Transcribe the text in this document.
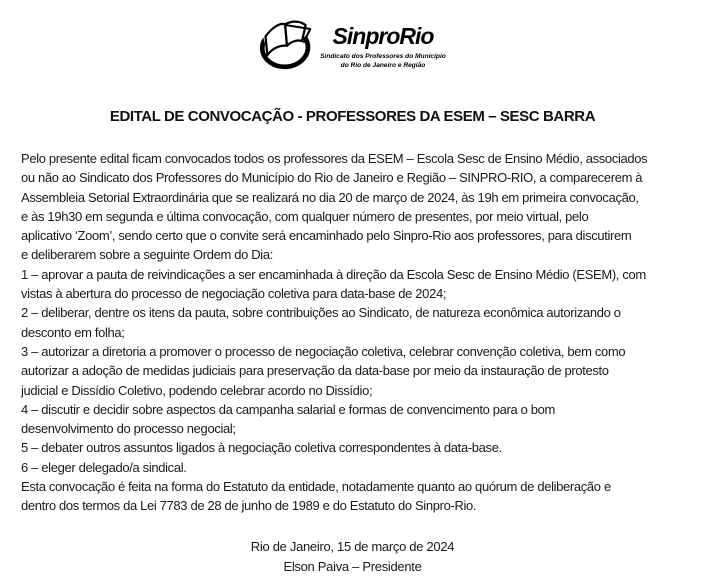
SinproRio
Sindicato dos Professores do Município
do Rio de Janeiro e Região
EDITAL DE CONVOCAÇÃO - PROFESSORES DA ESEM – SESC BARRA
Pelo presente edital ficam convocados todos os professores da ESEM – Escola Sesc de Ensino Médio, associados
ou não ao Sindicato dos Professores do Município do Rio de Janeiro e Região – SINPRO-RIO, a comparecerem à
Assembleia Setorial Extraordinária que se realizará no dia 20 de março de 2024, às 19h em primeira convocação,
e às 19h30 em segunda e última convocação, com qualquer número de presentes, por meio virtual, pelo
aplicativo ‘Zoom’, sendo certo que o convite será encaminhado pelo Sinpro-Rio aos professores, para discutirem
e deliberarem sobre a seguinte Ordem do Dia:
1 – aprovar a pauta de reivindicações a ser encaminhada à direção da Escola Sesc de Ensino Médio (ESEM), com
vistas à abertura do processo de negociação coletiva para data-base de 2024;
2 – deliberar, dentre os itens da pauta, sobre contribuições ao Sindicato, de natureza econômica autorizando o
desconto em folha;
3 – autorizar a diretoria a promover o processo de negociação coletiva, celebrar convenção coletiva, bem como
autorizar a adoção de medidas judiciais para preservação da data-base por meio da instauração de protesto
judicial e Dissídio Coletivo, podendo celebrar acordo no Dissídio;
4 – discutir e decidir sobre aspectos da campanha salarial e formas de convencimento para o bom
desenvolvimento do processo negocial;
5 – debater outros assuntos ligados à negociação coletiva correspondentes à data-base.
6 – eleger delegado/a sindical.
Esta convocação é feita na forma do Estatuto da entidade, notadamente quanto ao quórum de deliberação e
dentro dos termos da Lei 7783 de 28 de junho de 1989 e do Estatuto do Sinpro-Rio.
Rio de Janeiro, 15 de março de 2024
Elson Paiva – Presidente
